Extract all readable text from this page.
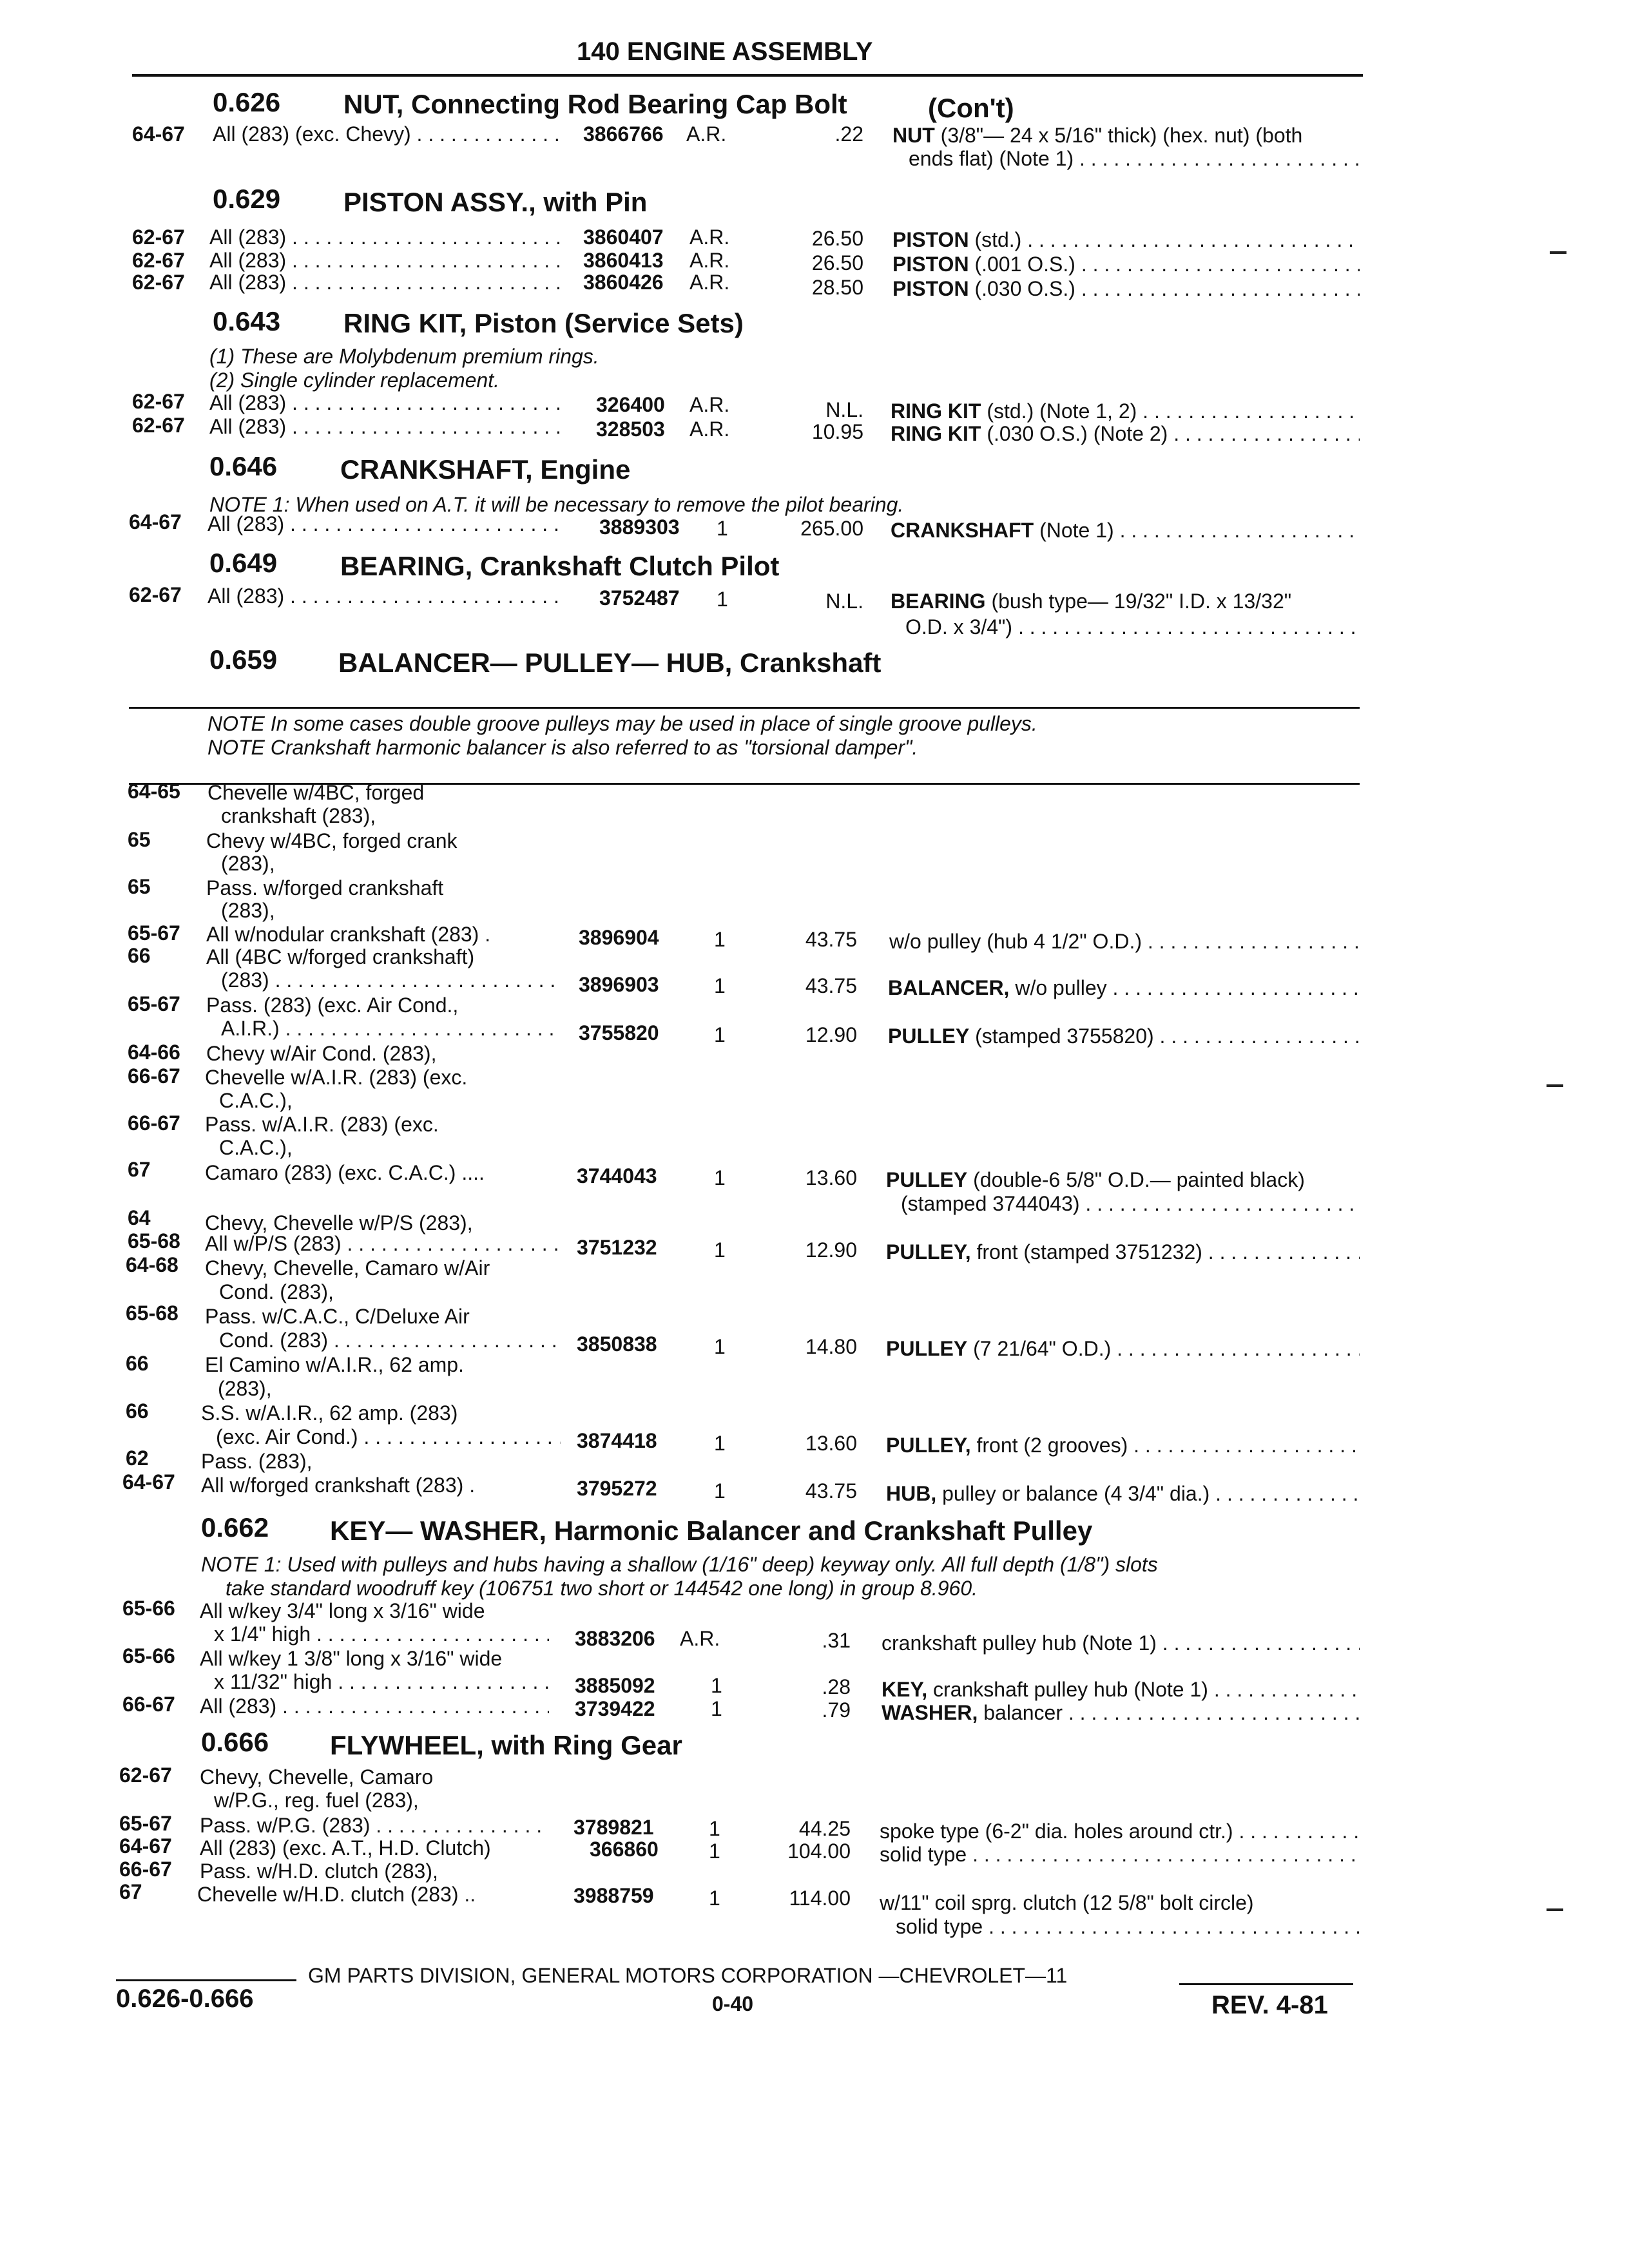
140 ENGINE ASSEMBLY
0.626 NUT, Connecting Rod Bearing Cap Bolt	(Con't)
64-67 All (283) (exc. Chevy) . . .	3866766 A.R.	.22 NUT (3/8"— 24 x 5/16" thick) (hex. nut) (both
ends flat) (Note 1) . . .
0.629 PISTON ASSY., with Pin
62-67 All (283) . . .	3860407 A.R.	26.50 PISTON (std.) . . .
62-67 All (283) . . .	3860413 A.R.	26.50 PISTON (.001 O.S.) . . .
62-67 All (283) . . .	3860426 A.R.	28.50 PISTON (.030 O.S.) . . .
0.643 RING KIT, Piston (Service Sets)
(1) These are Molybdenum premium rings.
(2) Single cylinder replacement.
62-67 All (283) . . .	326400 A.R.	N.L. RING KIT (std.) (Note 1, 2) . . .
62-67 All (283) . . .	328503 A.R.	10.95 RING KIT (.030 O.S.) (Note 2) . . .
0.646 CRANKSHAFT, Engine
NOTE 1: When used on A.T. it will be necessary to remove the pilot bearing.
64-67 All (283) . . .	3889303 1	265.00 CRANKSHAFT (Note 1) . . .
0.649 BEARING, Crankshaft Clutch Pilot
62-67 All (283) . . .	3752487 1	N.L. BEARING (bush type— 19/32" I.D. x 13/32"
O.D. x 3/4") . . .
0.659 BALANCER— PULLEY— HUB, Crankshaft
NOTE In some cases double groove pulleys may be used in place of single groove pulleys.
NOTE Crankshaft harmonic balancer is also referred to as "torsional damper".
64-65 Chevelle w/4BC, forged
crankshaft (283),
65	Chevy w/4BC, forged crank
(283),
65	Pass. w/forged crankshaft
(283),
65-67 All w/nodular crankshaft (283) .	3896904	1	43.75 w/o pulley (hub 4 1/2" O.D.) . . .
66	All (4BC w/forged crankshaft)
(283) . . .	3896903	1	43.75 BALANCER, w/o pulley . . .
65-67 Pass. (283) (exc. Air Cond.,
A.I.R.) . . .	3755820	1	12.90 PULLEY (stamped 3755820) . . .
64-66 Chevy w/Air Cond. (283),
66-67 Chevelle w/A.I.R. (283) (exc.
C.A.C.),
66-67 Pass. w/A.I.R. (283) (exc.
C.A.C.),
67	Camaro (283) (exc. C.A.C.) ....	3744043	1	13.60 PULLEY (double-6 5/8" O.D.— painted black)
(stamped 3744043) . . .
64	Chevy, Chevelle w/P/S (283),
65-68 All w/P/S (283) . . .	3751232	1	12.90 PULLEY, front (stamped 3751232) . . .
64-68 Chevy, Chevelle, Camaro w/Air
Cond. (283),
65-68 Pass. w/C.A.C., C/Deluxe Air
Cond. (283) . . .	3850838	1	14.80 PULLEY (7 21/64" O.D.) . . .
66	El Camino w/A.I.R., 62 amp.
(283),
66	S.S. w/A.I.R., 62 amp. (283)
(exc. Air Cond.) . . .	3874418	1	13.60 PULLEY, front (2 grooves) . . .
62	Pass. (283),
64-67 All w/forged crankshaft (283) .	3795272	1	43.75 HUB, pulley or balance (4 3/4" dia.) . . .
0.662 KEY— WASHER, Harmonic Balancer and Crankshaft Pulley
NOTE 1: Used with pulleys and hubs having a shallow (1/16" deep) keyway only. All full depth (1/8") slots
take standard woodruff key (106751 two short or 144542 one long) in group 8.960.
65-66 All w/key 3/4" long x 3/16" wide
x 1/4" high . . .	3883206 A.R.	.31 crankshaft pulley hub (Note 1) . . .
65-66 All w/key 1 3/8" long x 3/16" wide
x 11/32" high . . .	3885092	1	.28 KEY, crankshaft pulley hub (Note 1) . . .
66-67 All (283) . . .	3739422	1	.79 WASHER, balancer . . .
0.666 FLYWHEEL, with Ring Gear
62-67 Chevy, Chevelle, Camaro
w/P.G., reg. fuel (283),
65-67 Pass. w/P.G. (283) . . .	3789821	1	44.25 spoke type (6-2" dia. holes around ctr.) . . .
64-67 All (283) (exc. A.T., H.D. Clutch)	366860 1	104.00 solid type . . .
66-67 Pass. w/H.D. clutch (283),
67	Chevelle w/H.D. clutch (283) ..	3988759	1	114.00 w/11" coil sprg. clutch (12 5/8" bolt circle)
solid type . . .
GM PARTS DIVISION, GENERAL MOTORS CORPORATION —CHEVROLET—11
0.626-0.666	0-40	REV. 4-81
